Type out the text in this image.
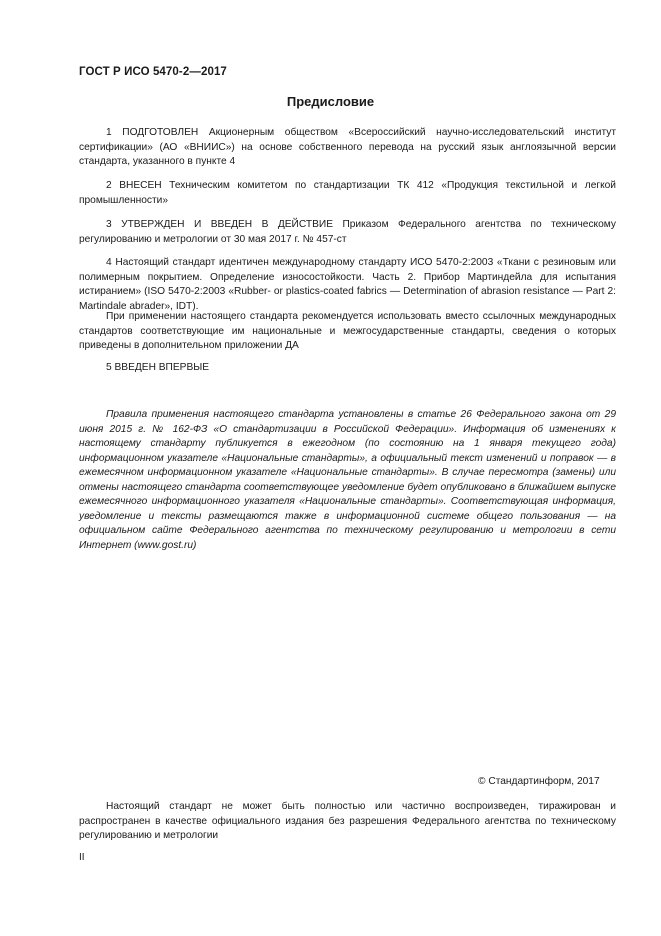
ГОСТ Р ИСО 5470-2—2017
Предисловие

1 ПОДГОТОВЛЕН Акционерным обществом «Всероссийский научно-исследовательский институт сертификации» (АО «ВНИИС») на основе собственного перевода на русский язык англоязычной версии стандарта, указанного в пункте 4

2 ВНЕСЕН Техническим комитетом по стандартизации ТК 412 «Продукция текстильной и легкой промышленности»

3 УТВЕРЖДЕН И ВВЕДЕН В ДЕЙСТВИЕ Приказом Федерального агентства по техническому регулированию и метрологии от 30 мая 2017 г. № 457-ст

4 Настоящий стандарт идентичен международному стандарту ИСО 5470-2:2003 «Ткани с резиновым или полимерным покрытием. Определение износостойкости. Часть 2. Прибор Мартиндейла для испытания истиранием» (ISO 5470-2:2003 «Rubber- or plastics-coated fabrics — Determination of abrasion resistance — Part 2: Martindale abrader», IDT).

При применении настоящего стандарта рекомендуется использовать вместо ссылочных международных стандартов соответствующие им национальные и межгосударственные стандарты, сведения о которых приведены в дополнительном приложении ДА

5 ВВЕДЕН ВПЕРВЫЕ

Правила применения настоящего стандарта установлены в статье 26 Федерального закона от 29 июня 2015 г. № 162-ФЗ «О стандартизации в Российской Федерации». Информация об изменениях к настоящему стандарту публикуется в ежегодном (по состоянию на 1 января текущего года) информационном указателе «Национальные стандарты», а официальный текст изменений и поправок — в ежемесячном информационном указателе «Национальные стандарты». В случае пересмотра (замены) или отмены настоящего стандарта соответствующее уведомление будет опубликовано в ближайшем выпуске ежемесячного информационного указателя «Национальные стандарты». Соответствующая информация, уведомление и тексты размещаются также в информационной системе общего пользования — на официальном сайте Федерального агентства по техническому регулированию и метрологии в сети Интернет (www.gost.ru)

© Стандартинформ, 2017

Настоящий стандарт не может быть полностью или частично воспроизведен, тиражирован и распространен в качестве официального издания без разрешения Федерального агентства по техническому регулированию и метрологии

II
